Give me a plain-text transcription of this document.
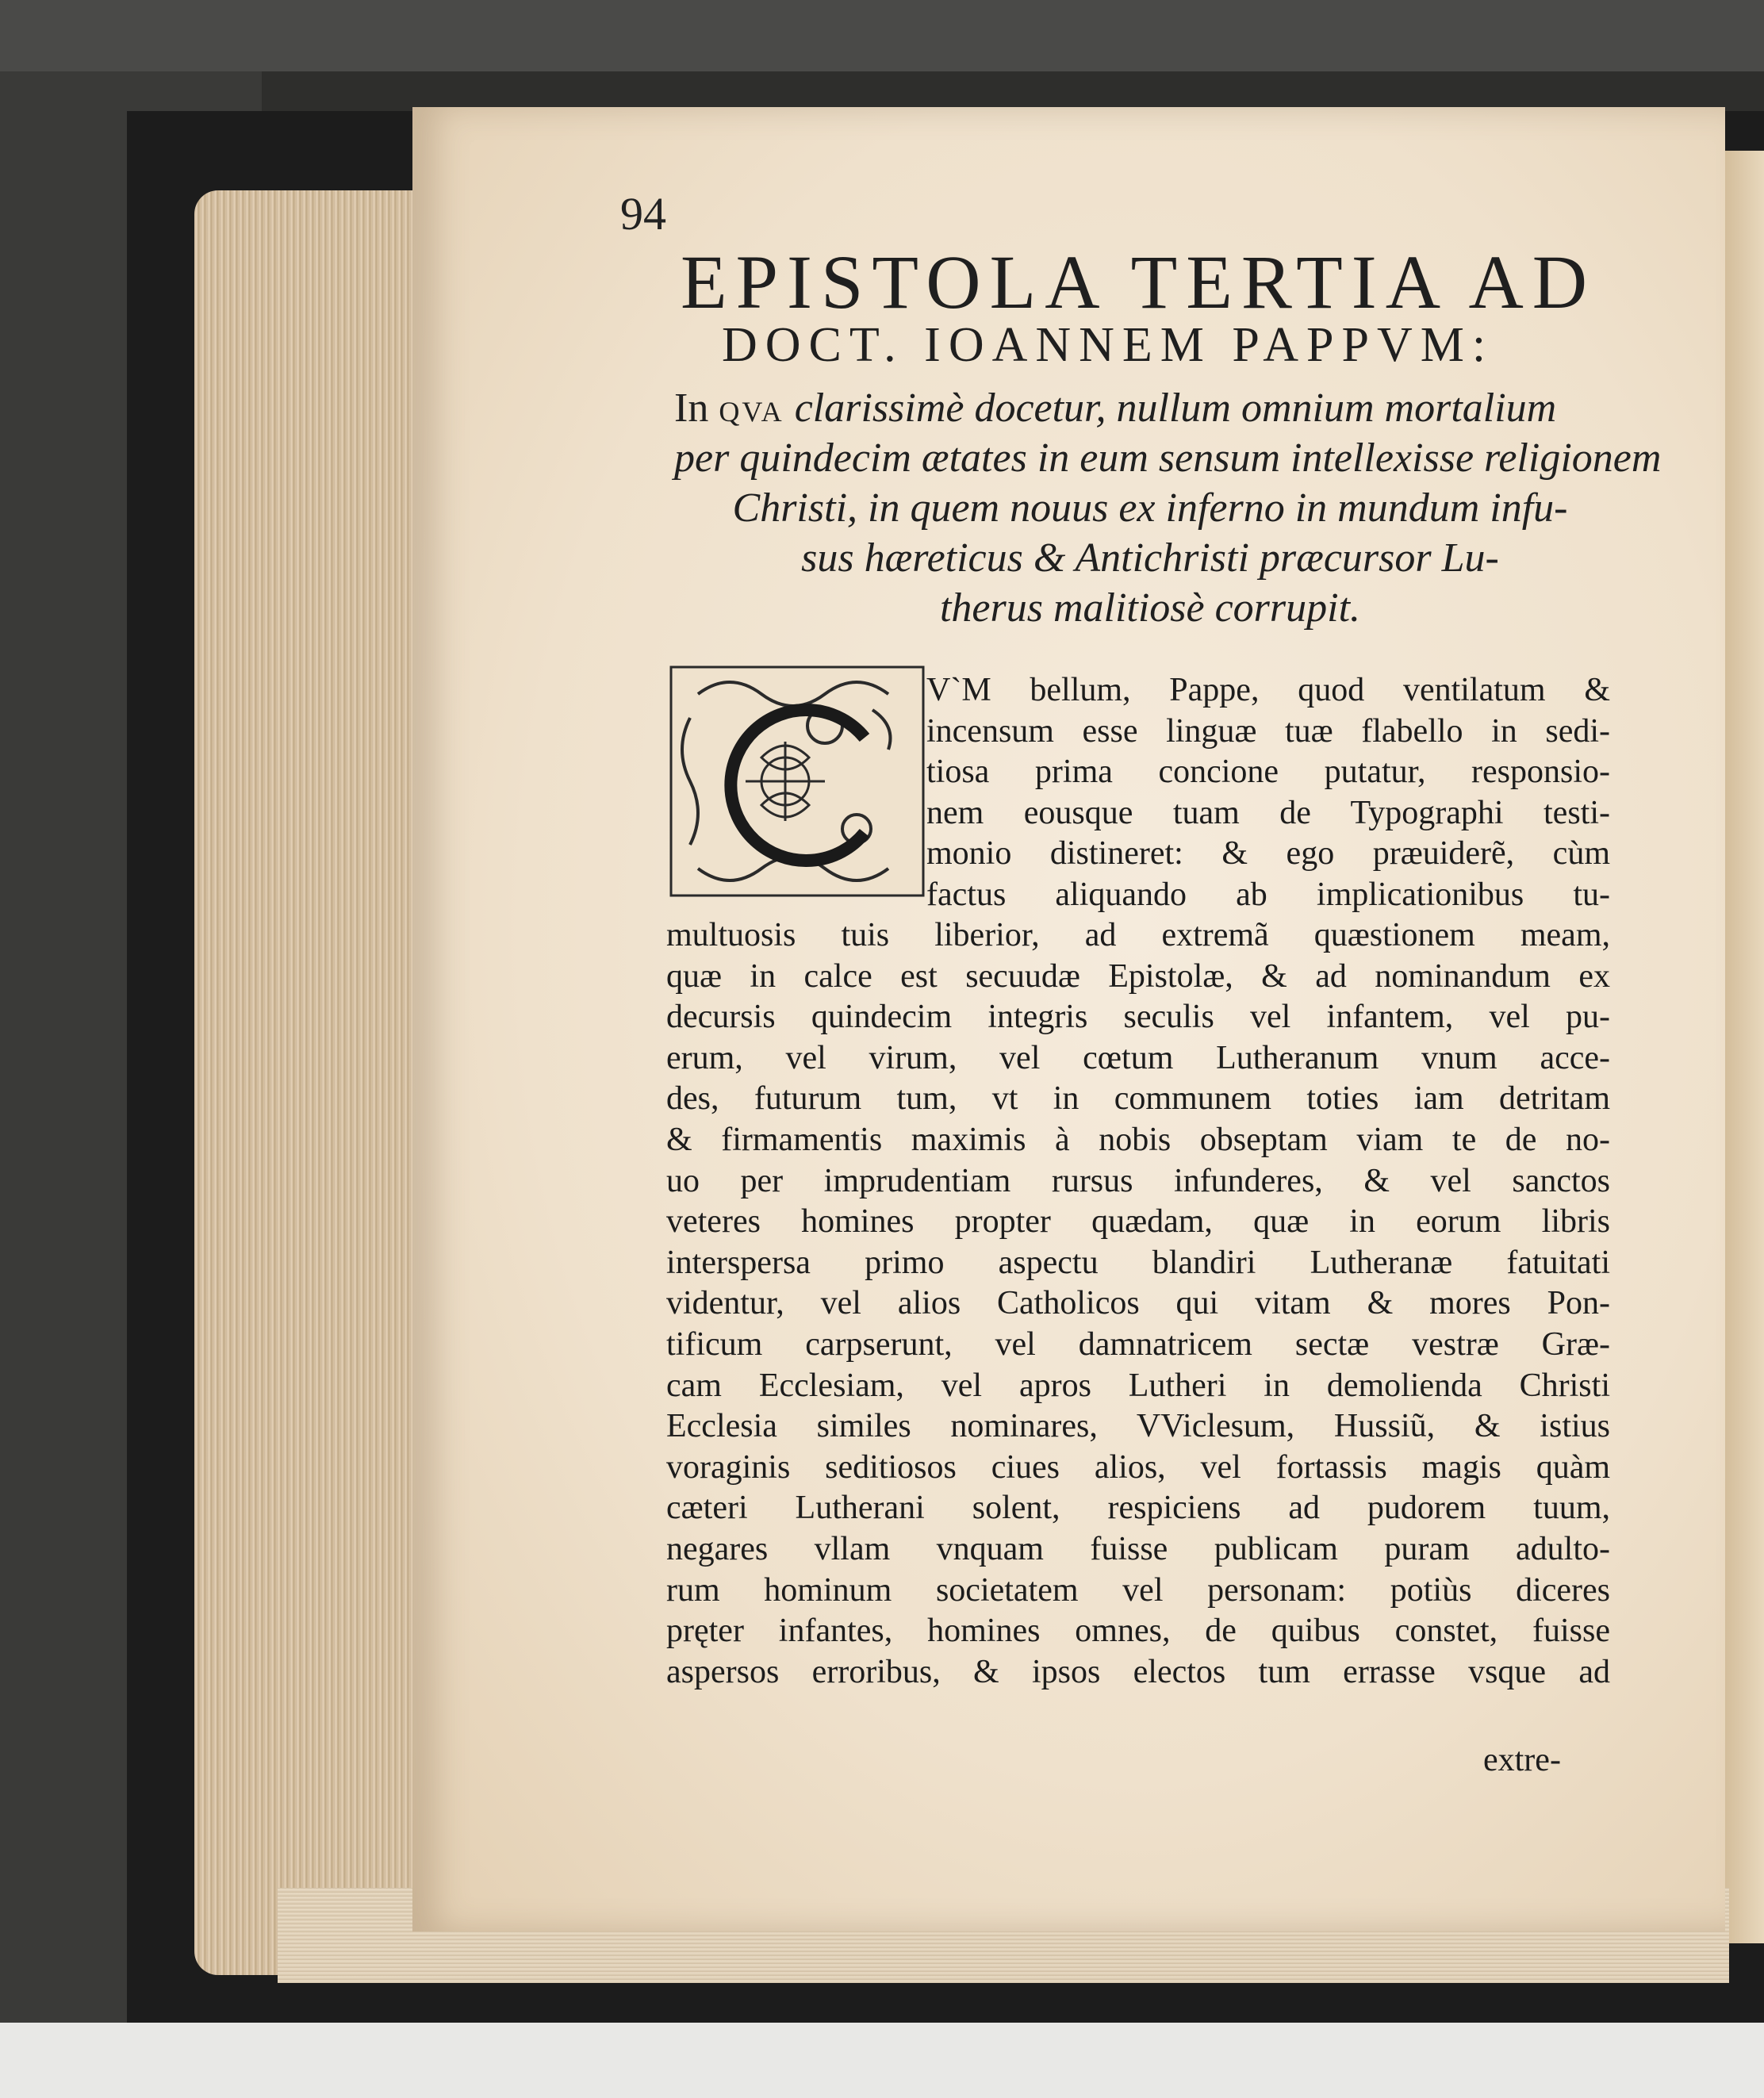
94
EPISTOLA TERTIA AD
DOCT. IOANNEM PAPPVM:
In qva clarissimè docetur, nullum omnium mortalium
per quindecim ætates in eum sensum intellexisse religionem
Christi, in quem nouus ex inferno in mundum infu-
sus hæreticus & Antichristi præcursor Lu-
therus malitiosè corrupit.
V`M bellum, Pappe, quod ventilatum &
incensum esse linguæ tuæ flabello in sedi-
tiosa prima concione putatur, responsio-
nem eousque tuam de Typographi testi-
monio distineret: & ego præuiderẽ, cùm
factus aliquando ab implicationibus tu-
multuosis tuis liberior, ad extremã quæstionem meam,
quæ in calce est secuudæ Epistolæ, & ad nominandum ex
decursis quindecim integris seculis vel infantem, vel pu-
erum, vel virum, vel cœtum Lutheranum vnum acce-
des, futurum tum, vt in communem toties iam detritam
& firmamentis maximis à nobis obseptam viam te de no-
uo per imprudentiam rursus infunderes, & vel sanctos
veteres homines propter quædam, quæ in eorum libris
interspersa primo aspectu blandiri Lutheranæ fatuitati
videntur, vel alios Catholicos qui vitam & mores Pon-
tificum carpserunt, vel damnatricem sectæ vestræ Græ-
cam Ecclesiam, vel apros Lutheri in demolienda Christi
Ecclesia similes nominares, VViclesum, Hussiũ, & istius
voraginis seditiosos ciues alios, vel fortassis magis quàm
cæteri Lutherani solent, respiciens ad pudorem tuum,
negares vllam vnquam fuisse publicam puram adulto-
rum hominum societatem vel personam: potiùs diceres
pręter infantes, homines omnes, de quibus constet, fuisse
aspersos erroribus, & ipsos electos tum errasse vsque ad
extre-
